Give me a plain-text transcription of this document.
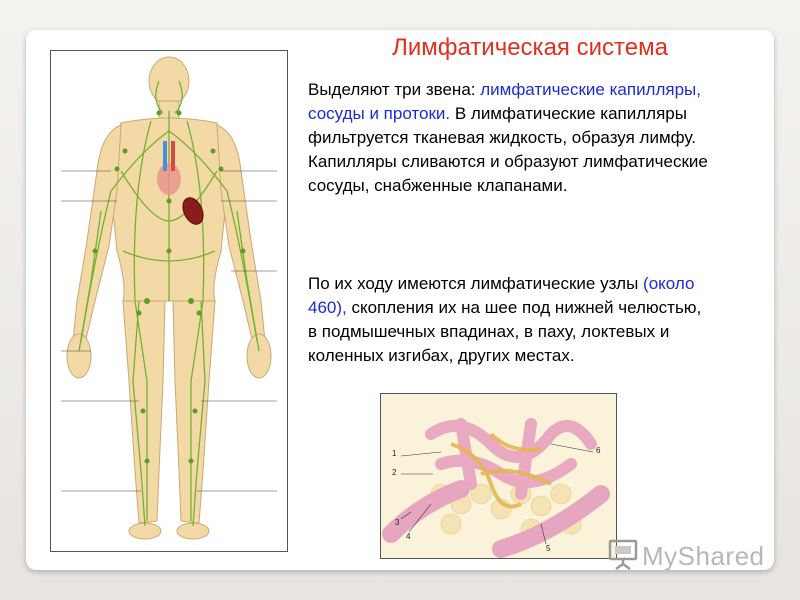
Лимфатическая система
Выделяют три звена: лимфатические капилляры, сосуды и протоки. В лимфатические капилляры фильтруется тканевая жидкость, образуя лимфу. Капилляры сливаются и образуют лимфатические сосуды, снабженные клапанами.
По их ходу имеются лимфатические узлы (около 460), скопления их на шее под нижней челюстью, в подмышечных впадинах, в паху, локтевых и коленных изгибах, других местах.
1
2
3
4
5
6
MyShared
